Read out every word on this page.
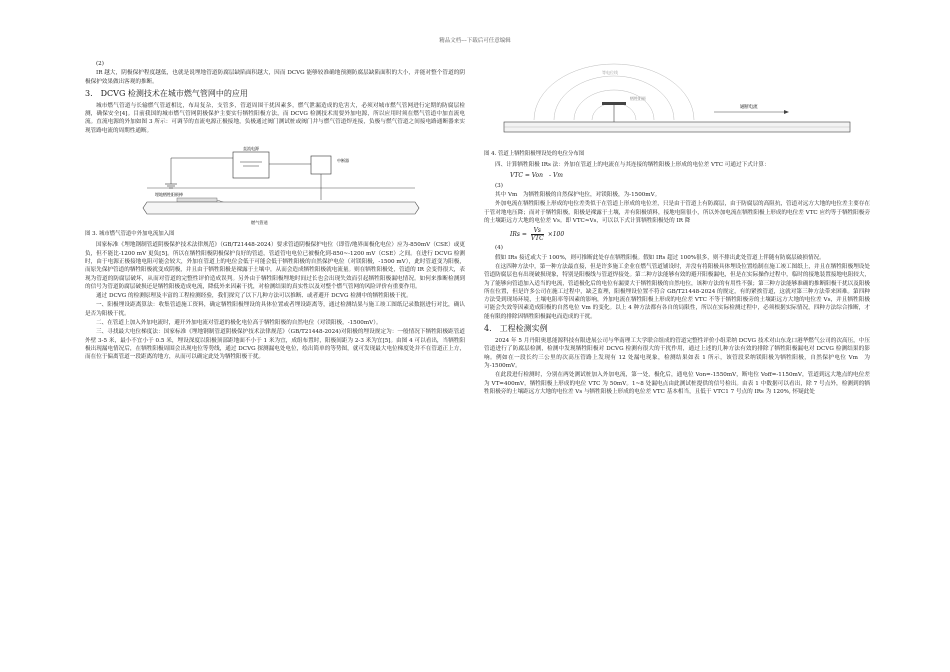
精品文档---下载后可任意编辑

(2)

IR 越大，阴极保护程度越低，也就是说埋地管道防腐层缺陷面积越大，因而 DCVG 能够较准确地预测防腐层缺陷面积的大小，并能对整个管道的阴极保护效果做出客观的推断。

3.　DCVG 检测技术在城市燃气管网中的应用

城市燃气管道与长输燃气管道相比，布局复杂，支管多，管道周围干扰因素多，燃气泄漏造成的危害大，必须对城市燃气管网进行定期的防腐层检测，确保安全[4]。目前我国的城市燃气管网阴极保护主要实行牺牲阳极方法，而 DCVG 检测技术需要外加电源，所以应用时须在燃气管道中加直流电流。直流电源的外加如图 3 所示：可调节的直流电源正极接地，负极通过阀门测试桩或阀门井与燃气管道焊连接，负极与燃气管道之间接电路通断器来实现管路电流的周期性通断。

直流电源
中断器
埋地牺牲阳极棒
燃气管道
图 3. 城市燃气管道中外加电流加入图

国家标准《埋地钢制管道阴极保护技术法律规范》（GB/T21448-2024）要求管道阴极保护电位（即管/地界面极化电位）应为-850mV（CSE）或更负，但不能比-1200 mV 更负[5]。所以在牺牲阳极阴极保护良好的管道，管道管电电位已被极化到-850~-1200 mV（CSE）之间。在进行 DCVG 检测时，由于电源正极接地电阻可能会较大，外加在管道上的电位会低于可能会低于牺牲阳极的自然保护电位（对镁阳极，-1500 mV），此时管道变为阳极，而原先保护管道的牺牲阳极就变成阴极，并且由于牺牲阳极是裸露于土壤中，从而会造成牺牲阳极就电流量。则在牺牲阳极处，管道的 IR 会变得很大，表现为管道的防腐层破坏，从而对管道的完整性评价造成误判。另外由于牺牲阳极埋地时间过长也会出现失效而引起牺牲阳极漏电情况。如何来推断检测到的信号为管道防腐层破损还是牺牲阳极造成电流，降低外来因素干扰，对检测结果的真实性以及对整个燃气管网的风险评价有重要作用。

通过 DCVG 的检测原理及丰富的工程检测经验，我们探究了以下几种方法可以推断、或者避开 DCVG 检测中的牺牲阳极干扰。

一、阳极埋设距离算法：收集管道施工资料，确定牺牲阳极埋设的具体位置或者埋设距离等，通过检测结果与施工竣工图纸记录数据进行对比，确认是否为阳极干扰。

二、在管道上加入外加电流时，避开外加电流对管道的极化电位高于牺牲阳极的自然电位（对镁阳极，-1500mV）。

三、寻找最大电位梯度法：国家标准《埋地钢制管道阴极保护技术法律规范》（GB/T21448-2024)对阳极的埋设规定为：一般情况下牺牲阳极距管道外壁 3-5 米，最小不宜小于 0.5 米，埋设深度以阳极顶部距地面不小于 1 米为宜，成组布置时，阳极间距为 2-3 米为宜[5]。由图 4 可以看出，当牺牲阳极出现漏电情况后，在牺牲阳极周围会出现电位等势线，通过 DCVG 探测漏电处电位，绘出简单的等势图，就可发现最大电位梯度处并不在管道正上方，而在位于偏离管道一段距离的地方，从而可以确定此处为牺牲阳极干扰。

等电位线
牺牲阳极
通断电流
图 4. 管道上牺牲阳极埋设处的电位分布图

四、计算牺牲阳极 IRs 法：外加在管道上的电流在与其连接的牺牲阳极上形成的电位差 VTC 可通过下式计算：

VTC = Von　- Vm

(3)

其中 Vm　为牺牲阳极的自然保护电位，对镁阳极，为-1500mV。

外加电流在牺牲阳极上形成的电位差类似于在管道上形成的电位差，只是由于管道上有防腐层，由于防腐层的高阻抗，管道对远方大地的电位差主要存在于管对地电压降；而对于牺牲阳极，阳极是裸露于土壤，并有阳极填料，接地电阻很小，所以外加电流在牺牲阳极上形成的电位差 VTC 应约等于牺牲阳极旁的土壤距远方大地的电位差 Vs。即 VTC≈Vs，可以以下式计算牺牲阳极处的 IR 降

IRs = $\frac{Vs}{\text{VTC}} \times 100$

(4)

假如 IRs 接近或大于 100%，则可推断此处存在牺牲阳极。假如 IRs 超过 100%很多，则不排出此处管道上伴随有防腐层破损情况。

在这四种方法中，第一种方法最直接，但是许多施工企业在燃气管道铺设时，并没有将阳极具体埋设位置绘制在施工竣工图纸上，并且在牺牲阳极埋设处管道防腐层也有出现破损现象，特别是阳极线与管道焊接处。第二种方法能够有效的避开阳极漏电，但是在实际操作过程中，临时的接地装置接地电阻较大，为了能够向管道加入适当的电流，管道极化后的电位有漏要大于牺牲阳极的自然电位，该种方法的有用性不强；第三种方法能够准确的推断阳极干扰以及阳极所在位置，但是许多公司在施工过程中，缺乏监理，阳极埋设位置不符合 GB/T21448-2024 的规定，有的紧挨管道，这就对第三种方法带来困难。第四种方法受到现场环境，土壤电阻率等因素的影响，外加电流在牺牲阳极上形成的电位差 VTC 不等于牺牲阳极旁的土壤距远方大地的电位差 Vs，并且牺牲阳极可能会失效等因素造成阳极的自然电位 Vm 的变化。以上 4 种方法都有各自的局限性，所以在实际检测过程中，必须根据实际情况，四种方法综合推断，才能有限的排除因牺牲阳极漏电而造成的干扰。

4.　工程检测实例

2024 年 5 月丹阳奥恩能源科技有限进展公司与华南理工大学联合组成的管道完整性评价小组采纳 DCVG 技术对山东龙口港华燃气公司的次高压，中压管道进行了防腐层检测，检测中发现牺牲阳极对 DCVG 检测有很大的干扰作用，通过上述的几种方法有效的排除了牺牲阳极漏电对 DCVG 检测结果的影响。例如在一段长约三公里的次高压管路上发现有 12 处漏电现象，检测结果如表 1 所示，该管段采纳镁阳极为牺牲阳极，自然保护电位 Vm　为为-1500mV。

在此段进行检测时，分别在两处测试桩加入外加电流，第一处，极化后，通电位 Von=-1550mV，断电位 Voff=-1150mV，管道到远大地点的电位差为 VT=400mV，牺牲阳极上形成的电位 VTC 为 50mV。1~8 处漏电点由此测试桩提供的信号检出。由表 1 中数据可以看出，除 7 号点外，检测到的牺牲阳极旁的土壤距远方大地的电位差 Vs 与牺牲阳极上形成的电位差 VTC 基本相当，且低于 VTC1 7 号点的 IRs 为 120%, 怀疑此处
